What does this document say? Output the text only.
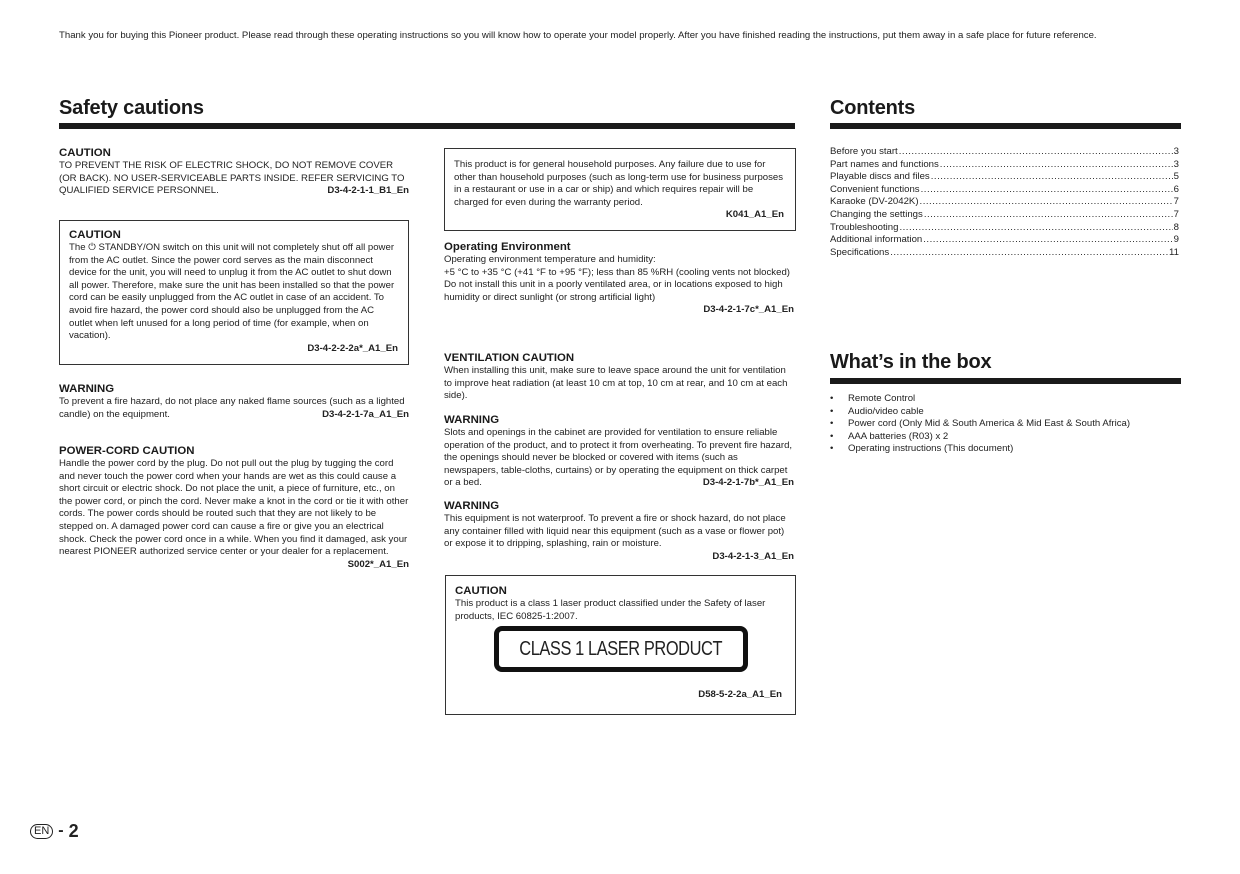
Thank you for buying this Pioneer product. Please read through these operating instructions so you will know how to operate your model properly. After you have finished reading the instructions, put them away in a safe place for future reference.

Safety cautions
CAUTION

TO PREVENT THE RISK OF ELECTRIC SHOCK, DO NOT REMOVE COVER (OR BACK). NO USER-SERVICEABLE PARTS INSIDE. REFER SERVICING TO QUALIFIED SERVICE PERSONNEL.	D3-4-2-1-1_B1_En

CAUTION

The ⏻ STANDBY/ON switch on this unit will not completely shut off all power from the AC outlet. Since the power cord serves as the main disconnect device for the unit, you will need to unplug it from the AC outlet to shut down all power. Therefore, make sure the unit has been installed so that the power cord can be easily unplugged from the AC outlet in case of an accident. To avoid fire hazard, the power cord should also be unplugged from the AC outlet when left unused for a long period of time (for example, when on vacation).

D3-4-2-2-2a*_A1_En
WARNING

To prevent a fire hazard, do not place any naked flame sources (such as a lighted candle) on the equipment.	D3-4-2-1-7a_A1_En

POWER-CORD CAUTION

Handle the power cord by the plug. Do not pull out the plug by tugging the cord and never touch the power cord when your hands are wet as this could cause a short circuit or electric shock. Do not place the unit, a piece of furniture, etc., on the power cord, or pinch the cord. Never make a knot in the cord or tie it with other cords. The power cords should be routed such that they are not likely to be stepped on. A damaged power cord can cause a fire or give you an electrical shock. Check the power cord once in a while. When you find it damaged, ask your nearest PIONEER authorized service center or your dealer for a replacement.
S002*_A1_En

This product is for general household purposes. Any failure due to use for other than household purposes (such as long-term use for business purposes in a restaurant or use in a car or ship) and which requires repair will be charged for even during the warranty period.

K041_A1_En
Operating Environment

Operating environment temperature and humidity:

+5 °C to +35 °C (+41 °F to +95 °F); less than 85 %RH (cooling vents not blocked)

Do not install this unit in a poorly ventilated area, or in locations exposed to high humidity or direct sunlight (or strong artificial light)

D3-4-2-1-7c*_A1_En
VENTILATION CAUTION

When installing this unit, make sure to leave space around the unit for ventilation to improve heat radiation (at least 10 cm at top, 10 cm at rear, and 10 cm at each side).

WARNING

Slots and openings in the cabinet are provided for ventilation to ensure reliable operation of the product, and to protect it from overheating. To prevent fire hazard, the openings should never be blocked or covered with items (such as newspapers, table-cloths, curtains) or by operating the equipment on thick carpet or a bed.	D3-4-2-1-7b*_A1_En

WARNING

This equipment is not waterproof. To prevent a fire or shock hazard, do not place any container filled with liquid near this equipment (such as a vase or flower pot) or expose it to dripping, splashing, rain or moisture.

D3-4-2-1-3_A1_En
CAUTION

This product is a class 1 laser product classified under the Safety of laser products, IEC 60825-1:2007.

CLASS 1 LASER PRODUCT
D58-5-2-2a_A1_En
Contents
Before you start .....	3
Part names and functions .....	3
Playable discs and files .....	5
Convenient functions .....	6
Karaoke (DV-2042K) .....	7
Changing the settings .....	7
Troubleshooting .....	8
Additional information .....	9
Specifications .....	11
What’s in the box
• Remote Control
• Audio/video cable
• Power cord (Only Mid & South America & Mid East & South Africa)
• AAA batteries (R03) x 2
• Operating instructions (This document)
EN - 2
